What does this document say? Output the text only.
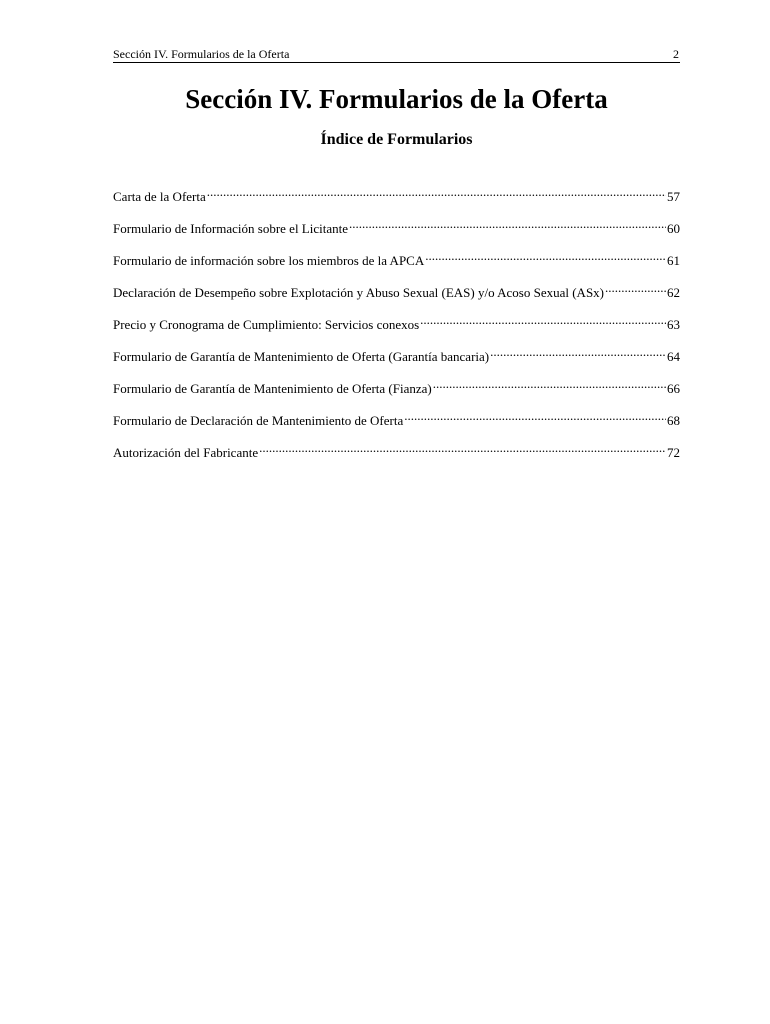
Sección IV. Formularios de la Oferta	2
Sección IV. Formularios de la Oferta
Índice de Formularios
Carta de la Oferta .....	57
Formulario de Información sobre el Licitante .....	60
Formulario de información sobre los miembros de la APCA .....	61
Declaración de Desempeño sobre Explotación y Abuso Sexual (EAS) y/o Acoso Sexual (ASx) .....	62
Precio y Cronograma de Cumplimiento: Servicios conexos .....	63
Formulario de Garantía de Mantenimiento de Oferta (Garantía bancaria) .....	64
Formulario de Garantía de Mantenimiento de Oferta (Fianza) .....	66
Formulario de Declaración de Mantenimiento de Oferta .....	68
Autorización del Fabricante .....	72
